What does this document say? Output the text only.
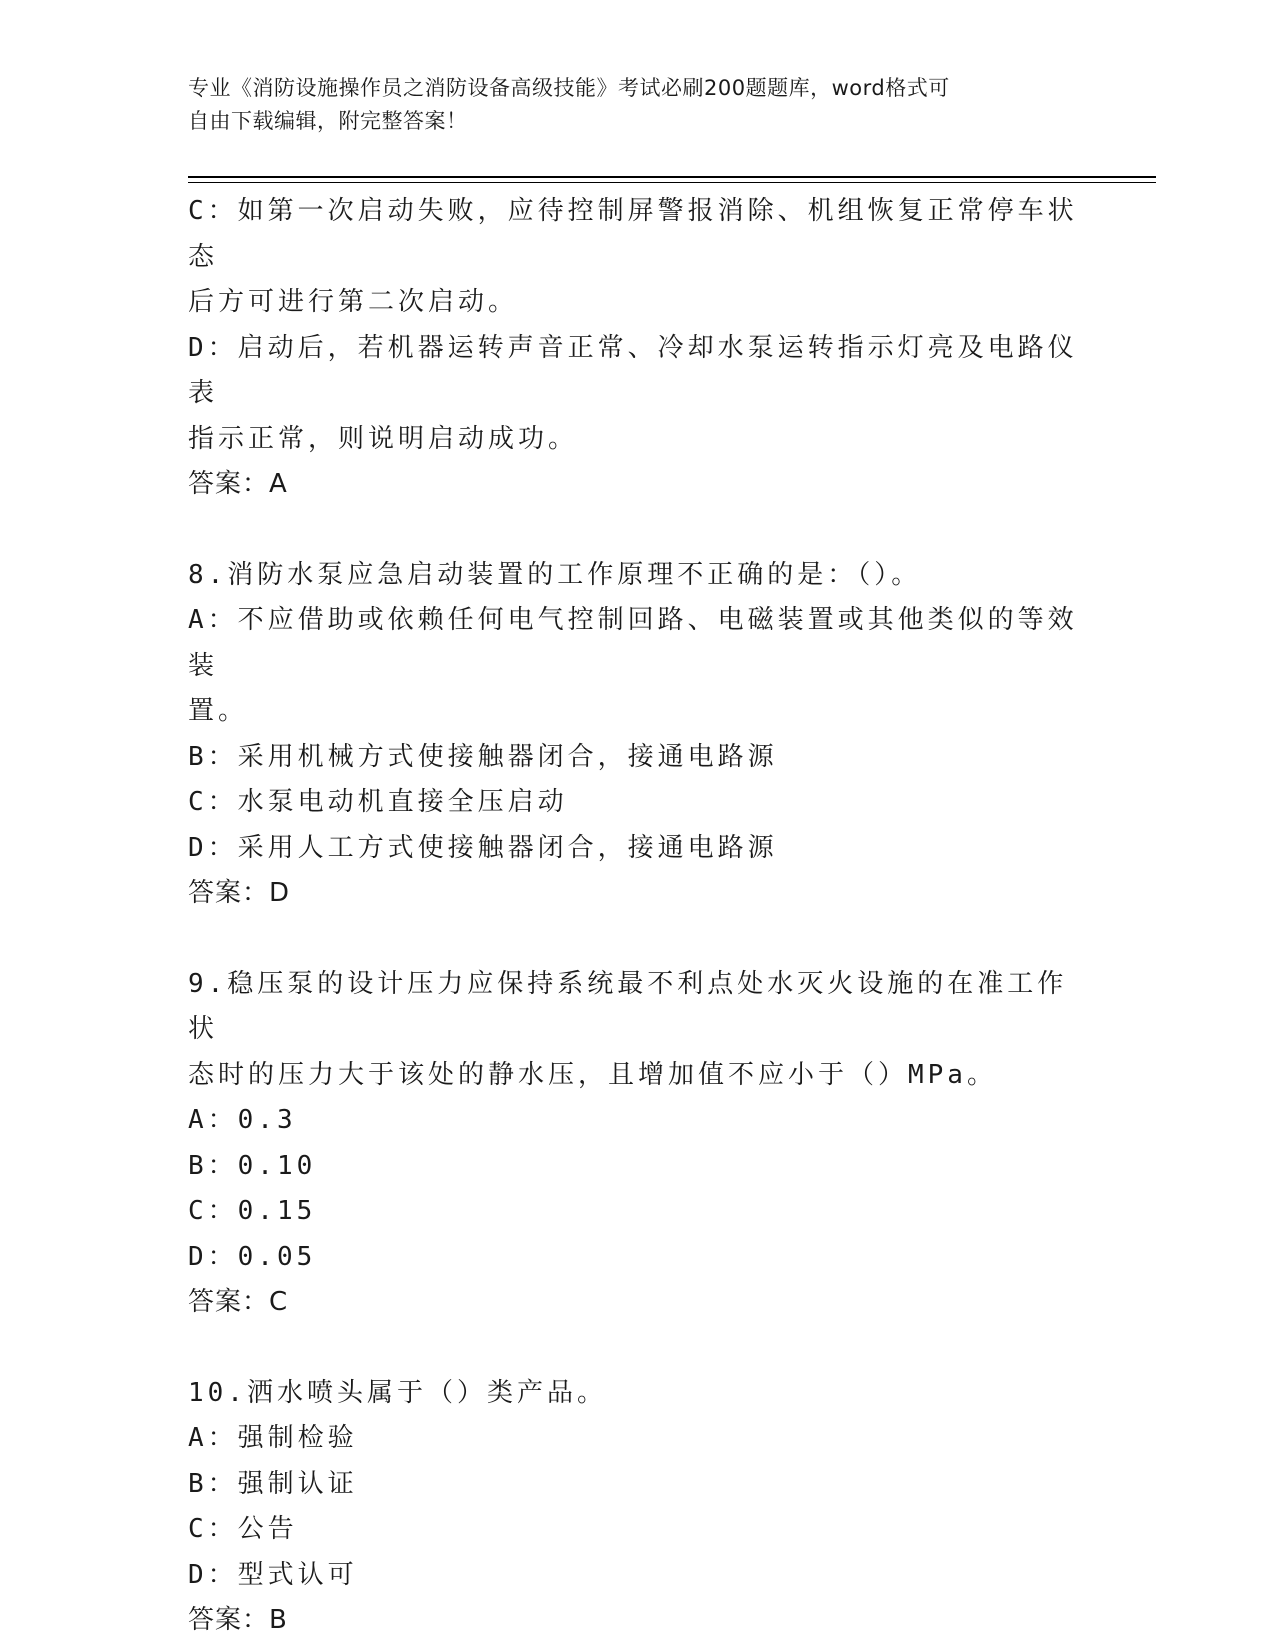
专业《消防设施操作员之消防设备高级技能》考试必刷200题题库，word格式可
自由下载编辑，附完整答案！
C：如第一次启动失败，应待控制屏警报消除、机组恢复正常停车状态
后方可进行第二次启动。
D：启动后，若机器运转声音正常、冷却水泵运转指示灯亮及电路仪表
指示正常，则说明启动成功。
答案：A
8.消防水泵应急启动装置的工作原理不正确的是：（）。
A：不应借助或依赖任何电气控制回路、电磁装置或其他类似的等效装
置。
B：采用机械方式使接触器闭合，接通电路源
C：水泵电动机直接全压启动
D：采用人工方式使接触器闭合，接通电路源
答案：D
9.稳压泵的设计压力应保持系统最不利点处水灭火设施的在准工作状
态时的压力大于该处的静水压，且增加值不应小于（）MPa。
A：0.3
B：0.10
C：0.15
D：0.05
答案：C
10.洒水喷头属于（）类产品。
A：强制检验
B：强制认证
C：公告
D：型式认可
答案：B
